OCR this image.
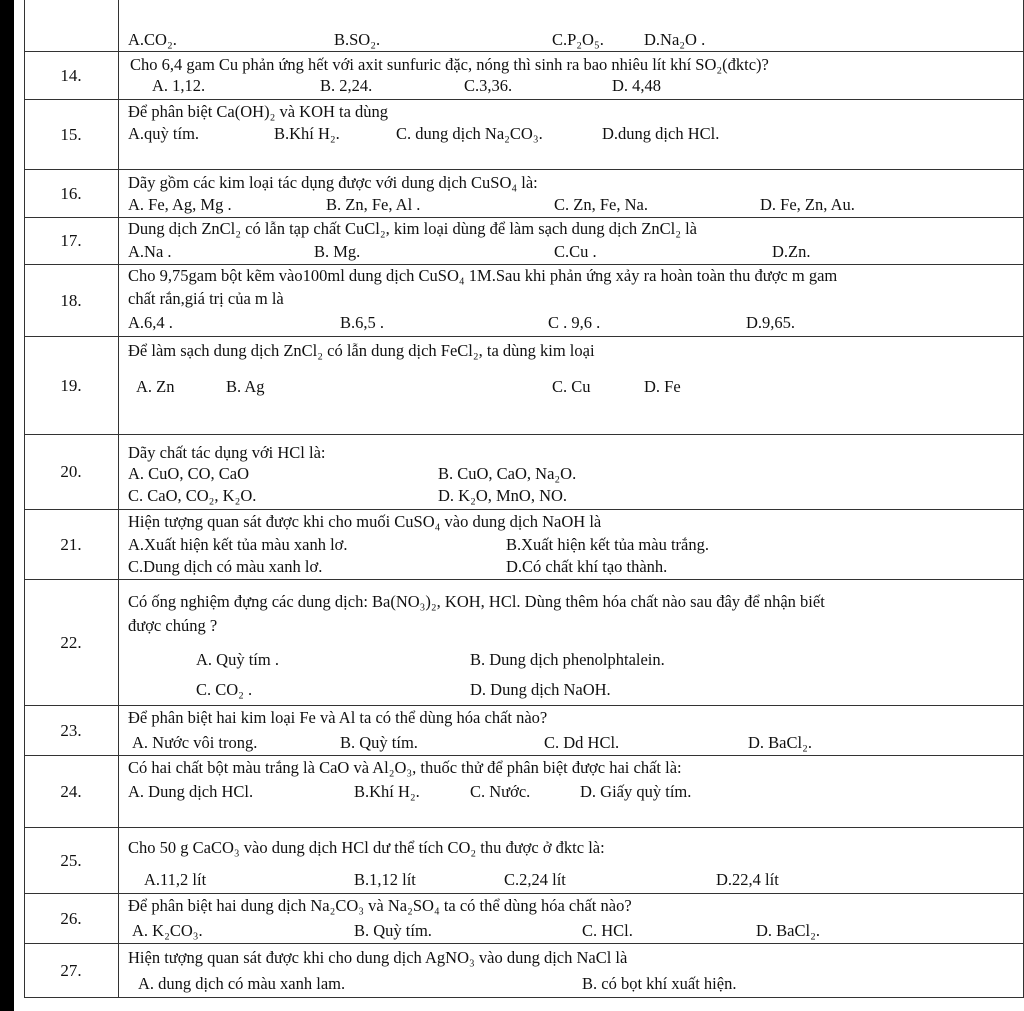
A.CO₂.	B.SO₂.	C.P₂O₅. D.Na₂O .
14.
Cho 6,4 gam Cu phản ứng hết với axit sunfuric đặc, nóng thì sinh ra bao nhiêu lít khí SO₂(đktc)?
A. 1,12.	B. 2,24.	C.3,36.	D. 4,48
15.
Để phân biệt Ca(OH)₂ và KOH ta dùng
A.quỳ tím.	B.Khí H₂.	C. dung dịch Na₂CO₃.	D.dung dịch HCl.
16.
Dãy gồm các kim loại tác dụng được với dung dịch CuSO₄ là:
A. Fe, Ag, Mg .	B. Zn, Fe, Al .	C. Zn, Fe, Na.	D. Fe, Zn, Au.
17.
Dung dịch ZnCl₂ có lẫn tạp chất CuCl₂, kim loại dùng để làm sạch dung dịch ZnCl₂ là
A.Na .	B. Mg.	C.Cu .	D.Zn.
18.
Cho 9,75gam bột kẽm vào100ml dung dịch CuSO₄ 1M.Sau khi phản ứng xảy ra hoàn toàn thu được m gam
chất rắn,giá trị của m là
A.6,4 .	B.6,5 .	C . 9,6 .	D.9,65.
19.
Để làm sạch dung dịch ZnCl₂ có lẫn dung dịch FeCl₂, ta dùng kim loại
A. Zn	B. Ag	C. Cu	D. Fe
20.
Dãy chất tác dụng với HCl là:
A. CuO, CO, CaO	B. CuO, CaO, Na₂O.
C. CaO, CO₂, K₂O.	D. K₂O, MnO, NO.
21.
Hiện tượng quan sát được khi cho muối CuSO₄ vào dung dịch NaOH là
A.Xuất hiện kết tủa màu xanh lơ.	B.Xuất hiện kết tủa màu trắng.
C.Dung dịch có màu xanh lơ.	D.Có chất khí tạo thành.
22.
Có ống nghiệm đựng các dung dịch: Ba(NO₃)₂, KOH, HCl. Dùng thêm hóa chất nào sau đây để nhận biết
được chúng ?
A. Quỳ tím .	B. Dung dịch phenolphtalein.
C. CO₂ .	D. Dung dịch NaOH.
23.
Để phân biệt hai kim loại Fe và Al ta có thể dùng hóa chất nào?
A. Nước vôi trong.	B. Quỳ tím.	C. Dd HCl.	D. BaCl₂.
24.
Có hai chất bột màu trắng là CaO và Al₂O₃, thuốc thử để phân biệt được hai chất là:
A. Dung dịch HCl.	B.Khí H₂.	C. Nước.	D. Giấy quỳ tím.
25.
Cho 50 g CaCO₃ vào dung dịch HCl dư thể tích CO₂ thu được ở đktc là:
A.11,2 lít	B.1,12 lít	C.2,24 lít	D.22,4 lít
26.
Để phân biệt hai dung dịch Na₂CO₃ và Na₂SO₄ ta có thể dùng hóa chất nào?
A. K₂CO₃.	B. Quỳ tím.	C. HCl.	D. BaCl₂.
27.
Hiện tượng quan sát được khi cho dung dịch AgNO₃ vào dung dịch NaCl là
A. dung dịch có màu xanh lam.	B. có bọt khí xuất hiện.
